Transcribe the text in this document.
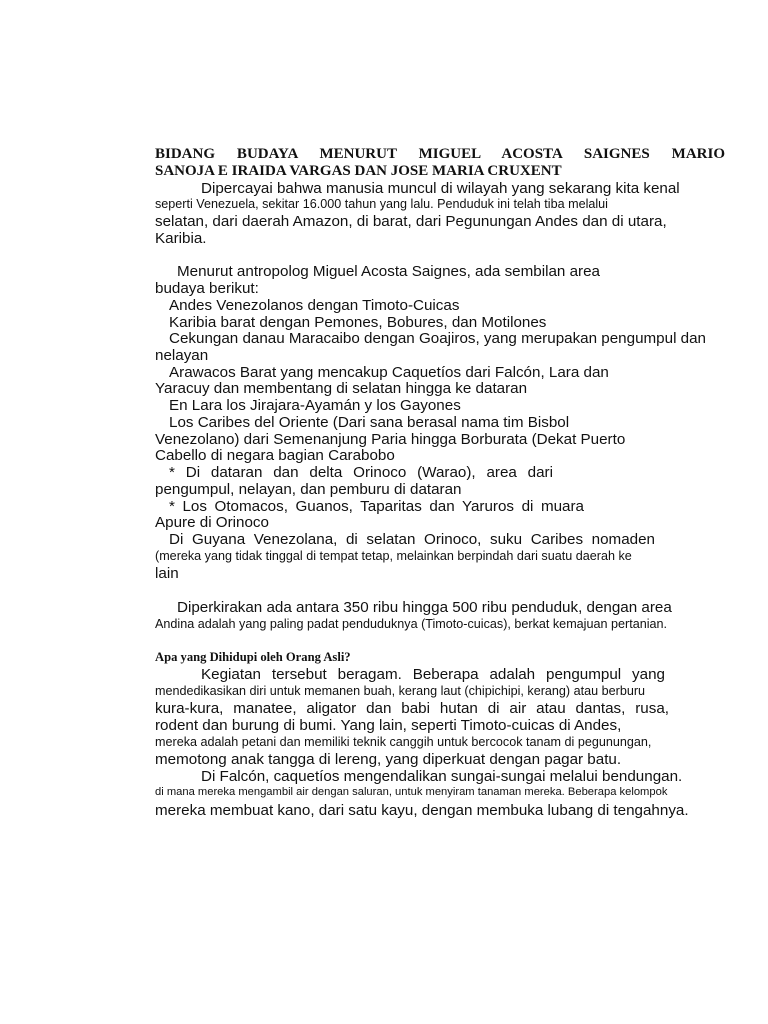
BIDANG BUDAYA MENURUT MIGUEL ACOSTA SAIGNES MARIO
SANOJA E IRAIDA VARGAS DAN JOSE MARIA CRUXENT
Dipercayai bahwa manusia muncul di wilayah yang sekarang kita kenal
seperti Venezuela, sekitar 16.000 tahun yang lalu. Penduduk ini telah tiba melalui
selatan, dari daerah Amazon, di barat, dari Pegunungan Andes dan di utara,
Karibia.
Menurut antropolog Miguel Acosta Saignes, ada sembilan area
budaya berikut:
Andes Venezolanos dengan Timoto-Cuicas
Karibia barat dengan Pemones, Bobures, dan Motilones
Cekungan danau Maracaibo dengan Goajiros, yang merupakan pengumpul dan
nelayan
Arawacos Barat yang mencakup Caquetíos dari Falcón, Lara dan
Yaracuy dan membentang di selatan hingga ke dataran
En Lara los Jirajara-Ayamán y los Gayones
Los Caribes del Oriente (Dari sana berasal nama tim Bisbol
Venezolano) dari Semenanjung Paria hingga Borburata (Dekat Puerto
Cabello di negara bagian Carabobo
* Di dataran dan delta Orinoco (Warao), area dari
pengumpul, nelayan, dan pemburu di dataran
* Los Otomacos, Guanos, Taparitas dan Yaruros di muara
Apure di Orinoco
Di Guyana Venezolana, di selatan Orinoco, suku Caribes nomaden
(mereka yang tidak tinggal di tempat tetap, melainkan berpindah dari suatu daerah ke
lain
Diperkirakan ada antara 350 ribu hingga 500 ribu penduduk, dengan area
Andina adalah yang paling padat penduduknya (Timoto-cuicas), berkat kemajuan pertanian.
Apa yang Dihidupi oleh Orang Asli?
Kegiatan tersebut beragam. Beberapa adalah pengumpul yang
mendedikasikan diri untuk memanen buah, kerang laut (chipichipi, kerang) atau berburu
kura-kura, manatee, aligator dan babi hutan di air atau dantas, rusa,
rodent dan burung di bumi. Yang lain, seperti Timoto-cuicas di Andes,
mereka adalah petani dan memiliki teknik canggih untuk bercocok tanam di pegunungan,
memotong anak tangga di lereng, yang diperkuat dengan pagar batu.
Di Falcón, caquetíos mengendalikan sungai-sungai melalui bendungan.
di mana mereka mengambil air dengan saluran, untuk menyiram tanaman mereka. Beberapa kelompok
mereka membuat kano, dari satu kayu, dengan membuka lubang di tengahnya.
